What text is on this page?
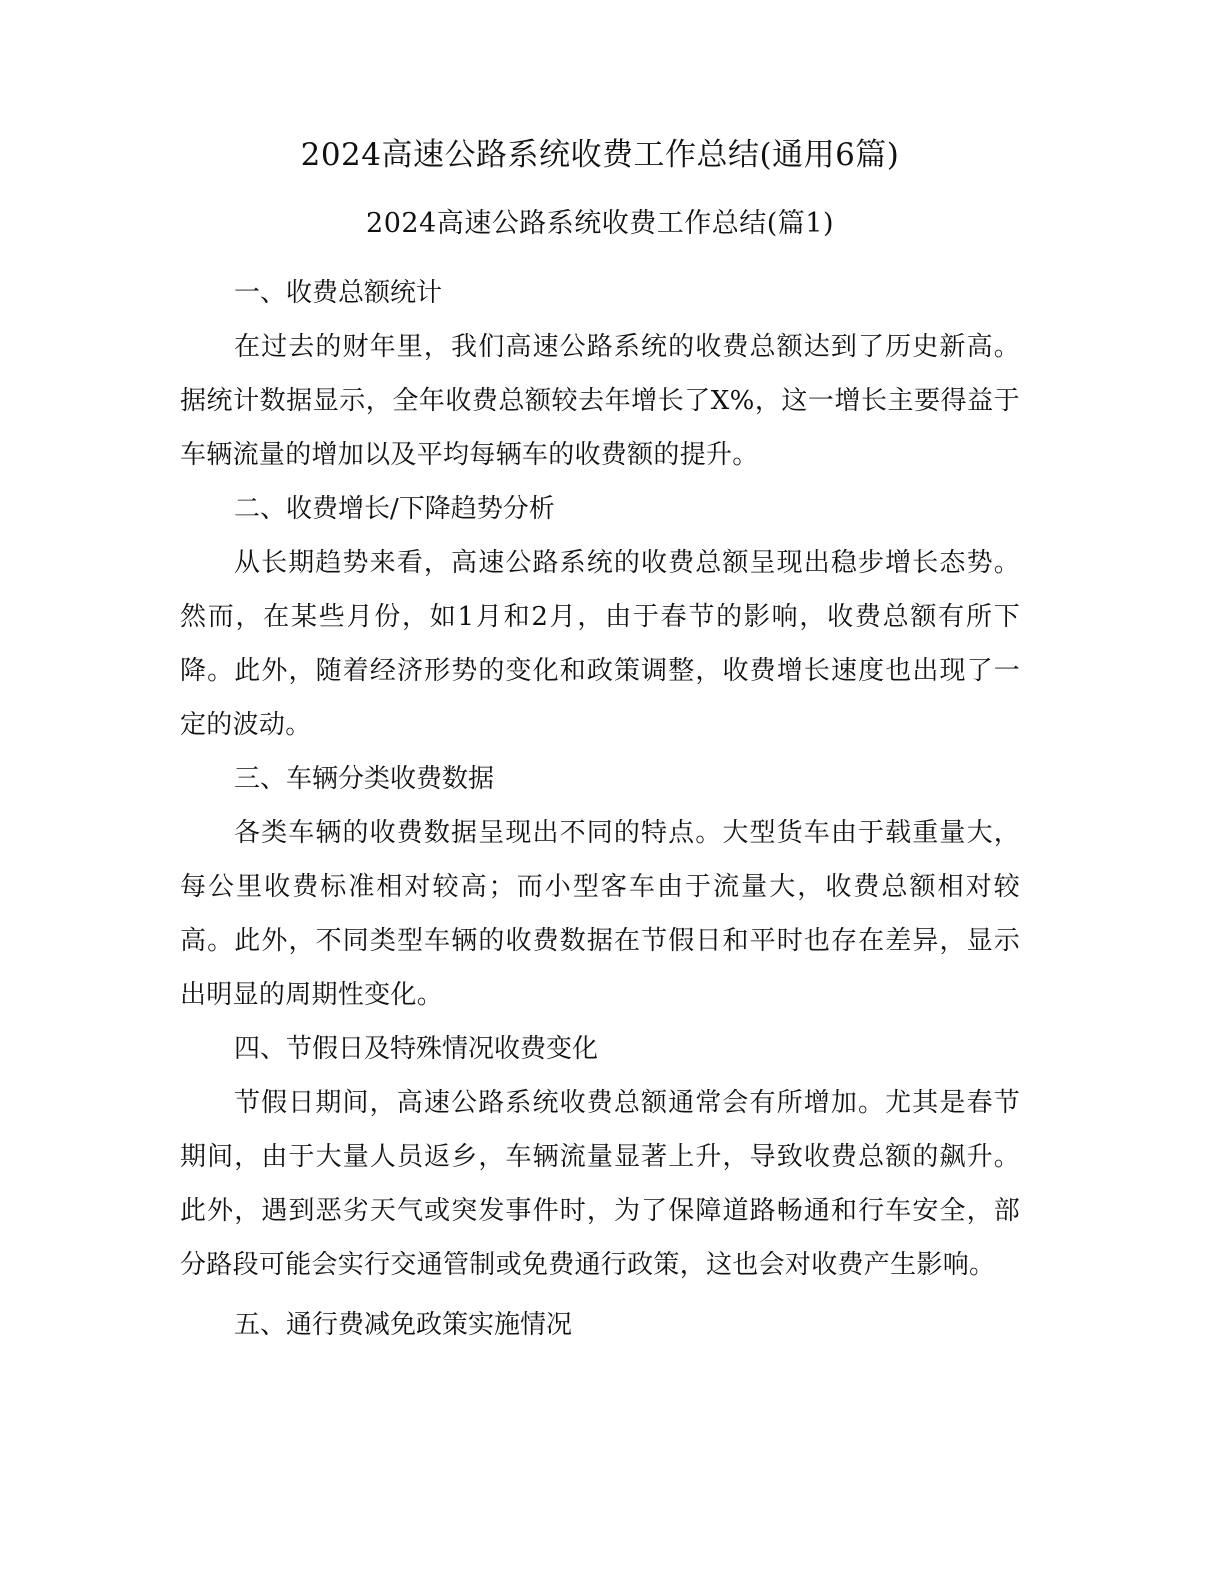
2024高速公路系统收费工作总结(通用6篇)
2024高速公路系统收费工作总结(篇1)

一、收费总额统计

在过去的财年里，我们高速公路系统的收费总额达到了历史新高。据统计数据显示，全年收费总额较去年增长了X%，这一增长主要得益于车辆流量的增加以及平均每辆车的收费额的提升。

二、收费增长/下降趋势分析

从长期趋势来看，高速公路系统的收费总额呈现出稳步增长态势。然而，在某些月份，如1月和2月，由于春节的影响，收费总额有所下降。此外，随着经济形势的变化和政策调整，收费增长速度也出现了一定的波动。

三、车辆分类收费数据

各类车辆的收费数据呈现出不同的特点。大型货车由于载重量大，每公里收费标准相对较高；而小型客车由于流量大，收费总额相对较高。此外，不同类型车辆的收费数据在节假日和平时也存在差异，显示出明显的周期性变化。

四、节假日及特殊情况收费变化

节假日期间，高速公路系统收费总额通常会有所增加。尤其是春节期间，由于大量人员返乡，车辆流量显著上升，导致收费总额的飙升。此外，遇到恶劣天气或突发事件时，为了保障道路畅通和行车安全，部分路段可能会实行交通管制或免费通行政策，这也会对收费产生影响。

五、通行费减免政策实施情况
